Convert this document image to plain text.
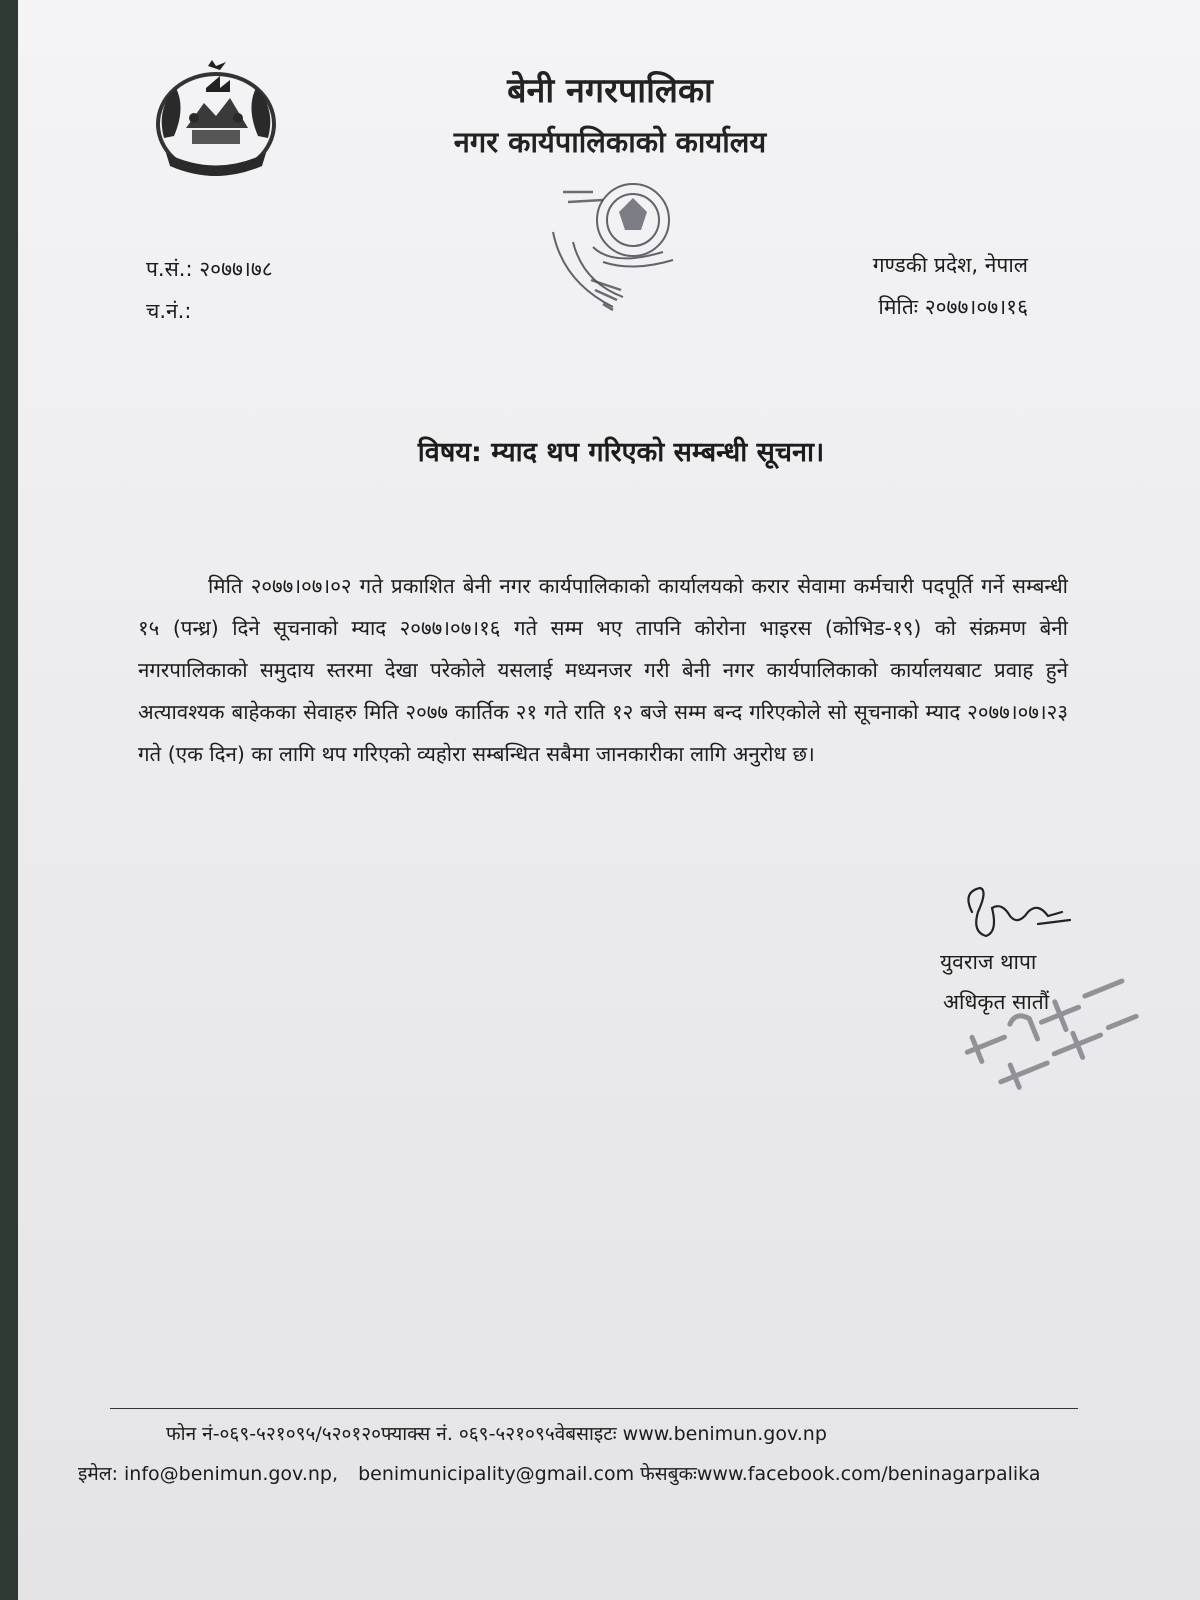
बेनी नगरपालिका
नगर कार्यपालिकाको कार्यालय
प.सं.: २०७७।७८
च.नं.:
गण्डकी प्रदेश, नेपाल
मितिः २०७७।०७।१६
विषय: म्याद थप गरिएको सम्बन्धी सूचना।

मिति २०७७।०७।०२ गते प्रकाशित बेनी नगर कार्यपालिकाको कार्यालयको करार सेवामा कर्मचारी पदपूर्ति गर्ने सम्बन्धी १५ (पन्ध्र) दिने सूचनाको म्याद २०७७।०७।१६ गते सम्म भए तापनि कोरोना भाइरस (कोभिड-१९) को संक्रमण बेनी नगरपालिकाको समुदाय स्तरमा देखा परेकोले यसलाई मध्यनजर गरी बेनी नगर कार्यपालिकाको कार्यालयबाट प्रवाह हुने अत्यावश्यक बाहेकका सेवाहरु मिति २०७७ कार्तिक २१ गते राति १२ बजे सम्म बन्द गरिएकोले सो सूचनाको म्याद २०७७।०७।२३ गते (एक दिन) का लागि थप गरिएको व्यहोरा सम्बन्धित सबैमा जानकारीका लागि अनुरोध छ।

युवराज थापा
अधिकृत सातौं
फोन नं-०६९-५२१०९५/५२०१२०फ्याक्स नं. ०६९-५२१०९५वेबसाइटः www.benimun.gov.np
इमेल: info@benimun.gov.np, benimunicipality@gmail.com फेसबुकःwww.facebook.com/beninagarpalika
